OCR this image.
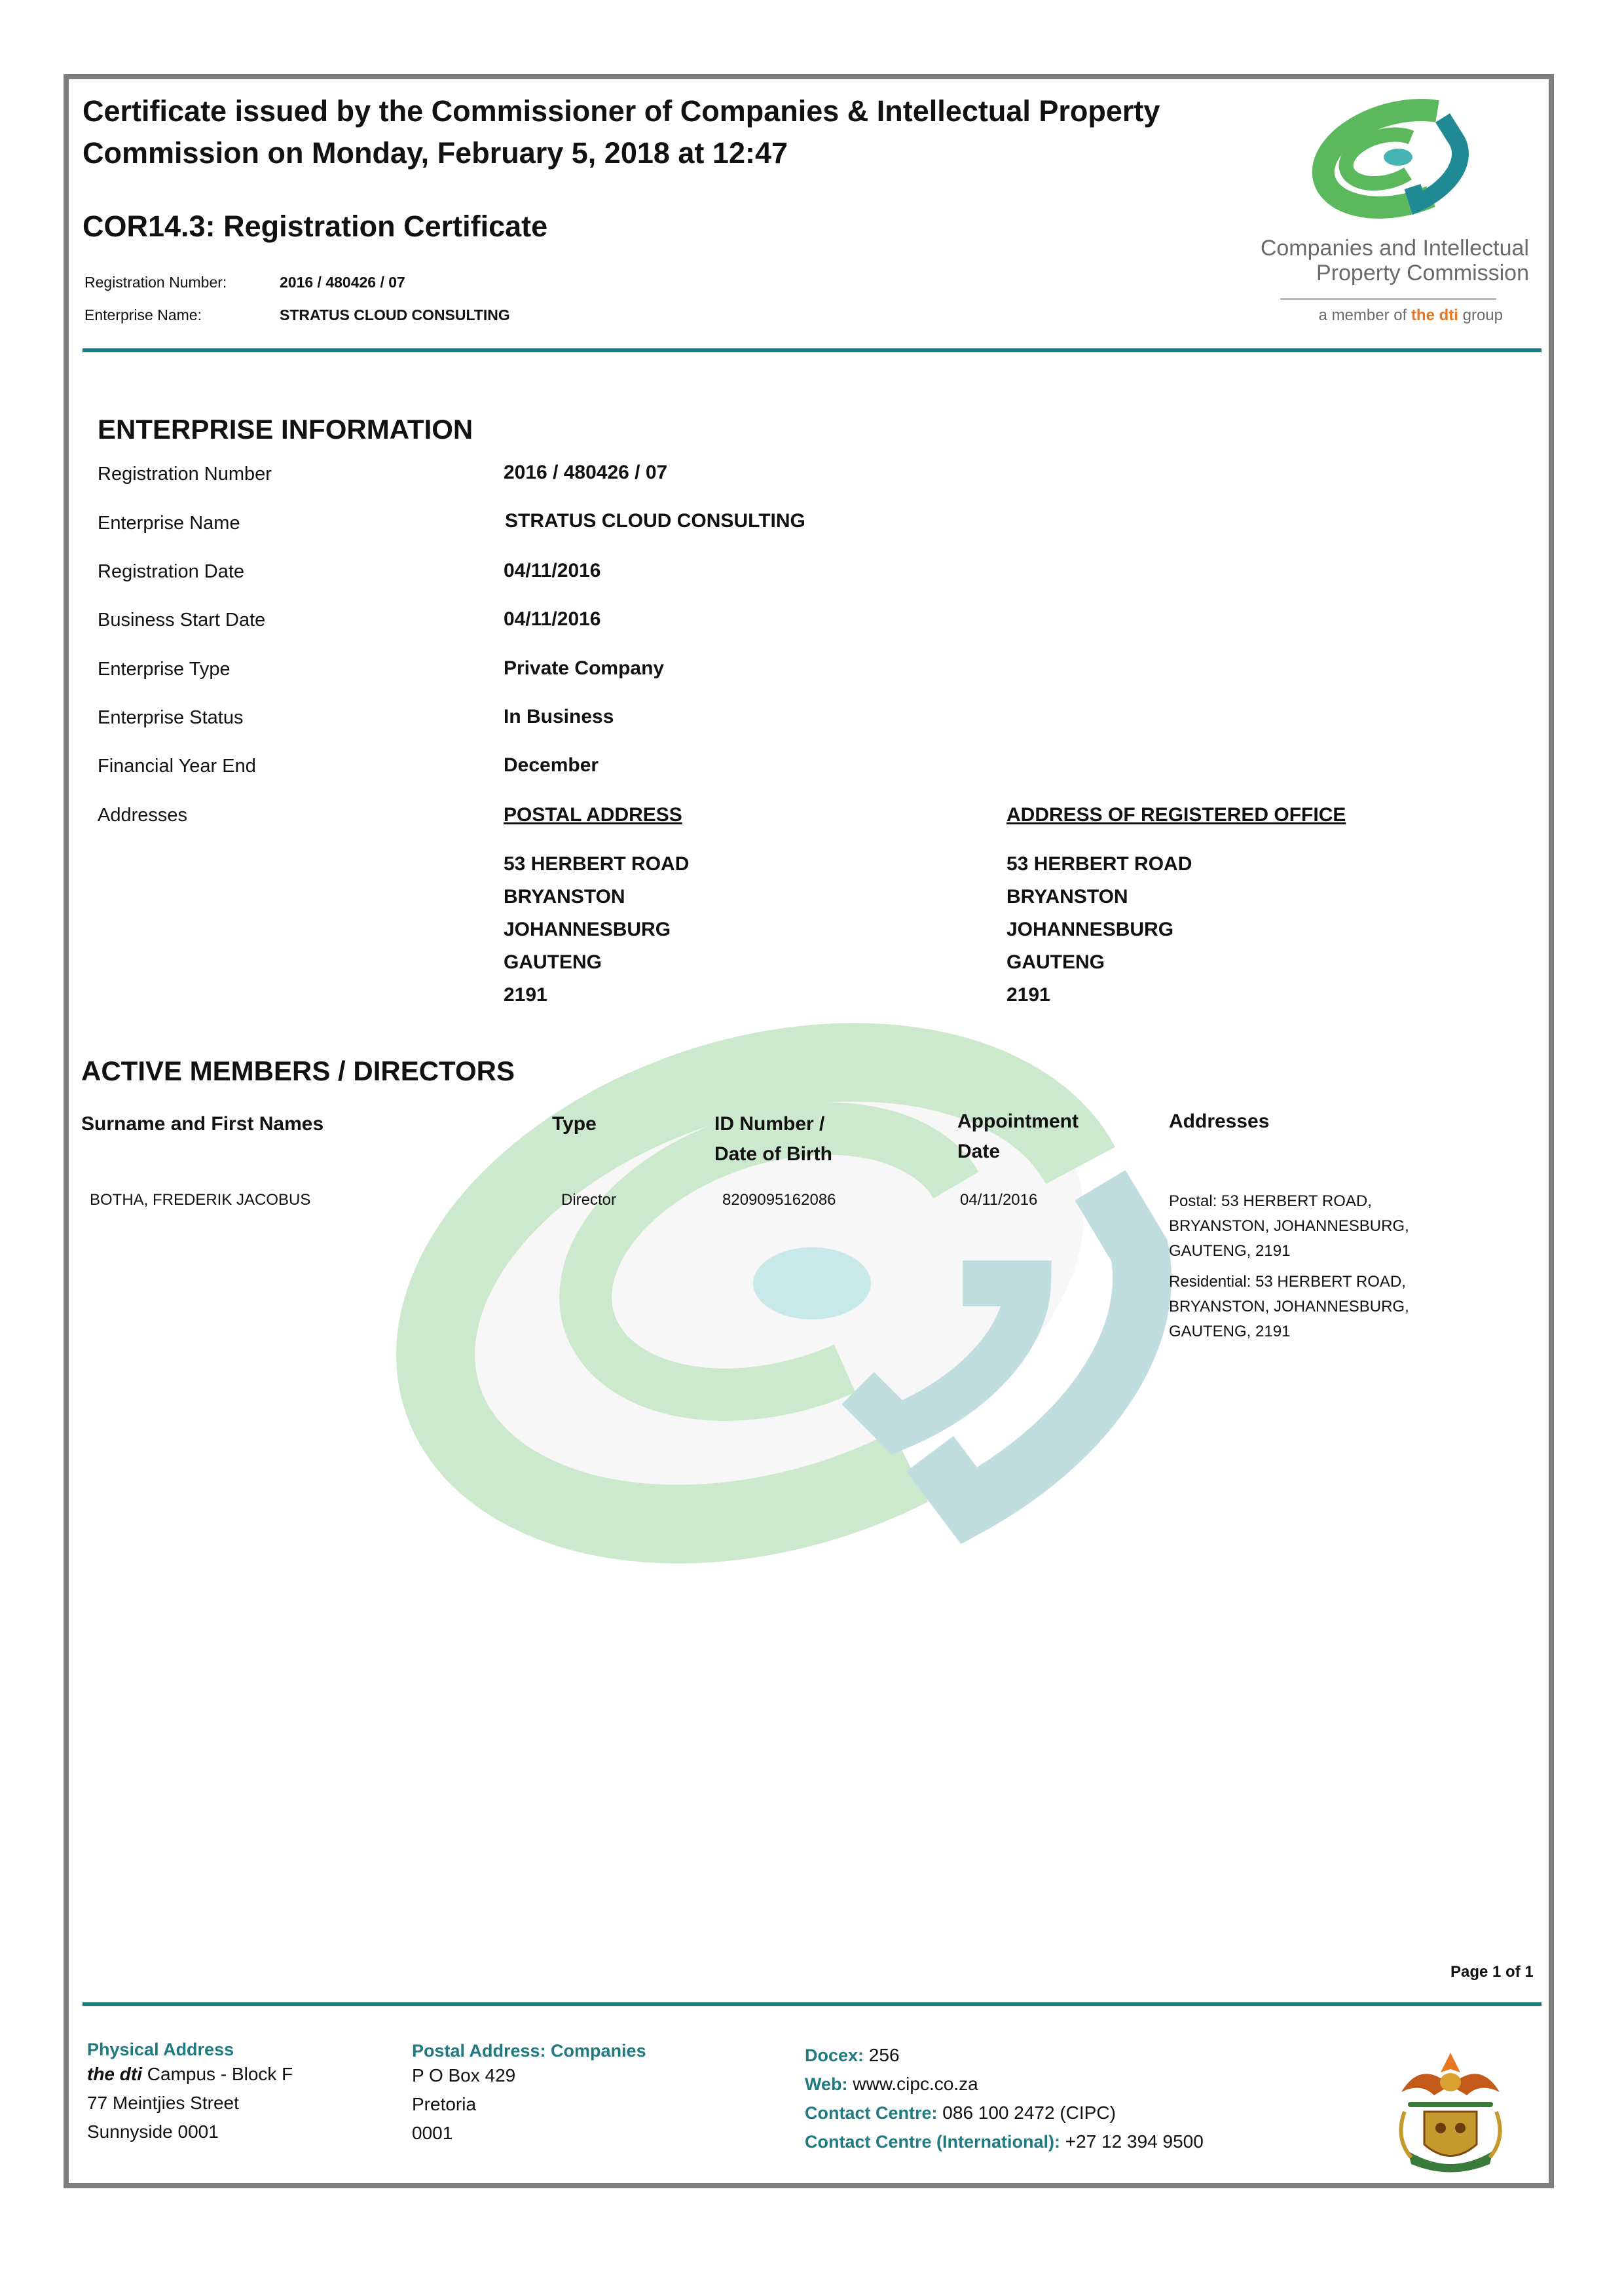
Certificate issued by the Commissioner of Companies & Intellectual Property Commission on Monday, February 5, 2018 at 12:47
COR14.3: Registration Certificate
Registration Number:	2016 / 480426 / 07
Enterprise Name:	STRATUS CLOUD CONSULTING
Companies and Intellectual
Property Commission
a member of the dti group
ENTERPRISE INFORMATION
Registration Number	2016 / 480426 / 07
Enterprise Name	STRATUS CLOUD CONSULTING
Registration Date	04/11/2016
Business Start Date	04/11/2016
Enterprise Type	Private Company
Enterprise Status	In Business
Financial Year End	December
Addresses	POSTAL ADDRESS
53 HERBERT ROAD
BRYANSTON
JOHANNESBURG
GAUTENG
2191
ADDRESS OF REGISTERED OFFICE
53 HERBERT ROAD
BRYANSTON
JOHANNESBURG
GAUTENG
2191
ACTIVE MEMBERS / DIRECTORS
Surname and First Names	Type	ID Number /
Date of Birth
Appointment
Date
Addresses
BOTHA, FREDERIK JACOBUS	Director	8209095162086	04/11/2016	Postal: 53 HERBERT ROAD,
BRYANSTON, JOHANNESBURG,
GAUTENG, 2191
Residential: 53 HERBERT ROAD,
BRYANSTON, JOHANNESBURG,
GAUTENG, 2191
Page 1 of 1
Physical Address
the dti Campus - Block F
77 Meintjies Street
Sunnyside 0001
Postal Address: Companies
P O Box 429
Pretoria
0001
Docex: 256
Web: www.cipc.co.za
Contact Centre: 086 100 2472 (CIPC)
Contact Centre (International): +27 12 394 9500
